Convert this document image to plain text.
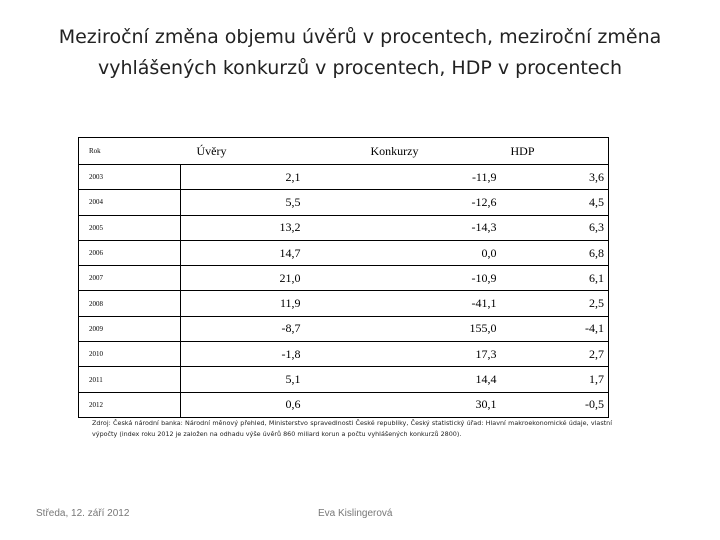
Meziroční změna objemu úvěrů v procentech, meziroční změna
vyhlášených konkurzů v procentech, HDP v procentech
Rok	Úvěry	Konkurzy	HDP
2003	2,1	-11,9	3,6
2004	5,5	-12,6	4,5
2005	13,2	-14,3	6,3
2006	14,7	0,0	6,8
2007	21,0	-10,9	6,1
2008	11,9	-41,1	2,5
2009	-8,7	155,0	-4,1
2010	-1,8	17,3	2,7
2011	5,1	14,4	1,7
2012	0,6	30,1	-0,5
Zdroj: Česká národní banka: Národní měnový přehled, Ministerstvo spravedlnosti České republiky, Český statistický úřad: Hlavní makroekonomické údaje, vlastní výpočty (index roku 2012 je založen na odhadu výše úvěrů 860 miliard korun a počtu vyhlášených konkurzů 2800).
Středa, 12. září 2012	Eva Kislingerová
